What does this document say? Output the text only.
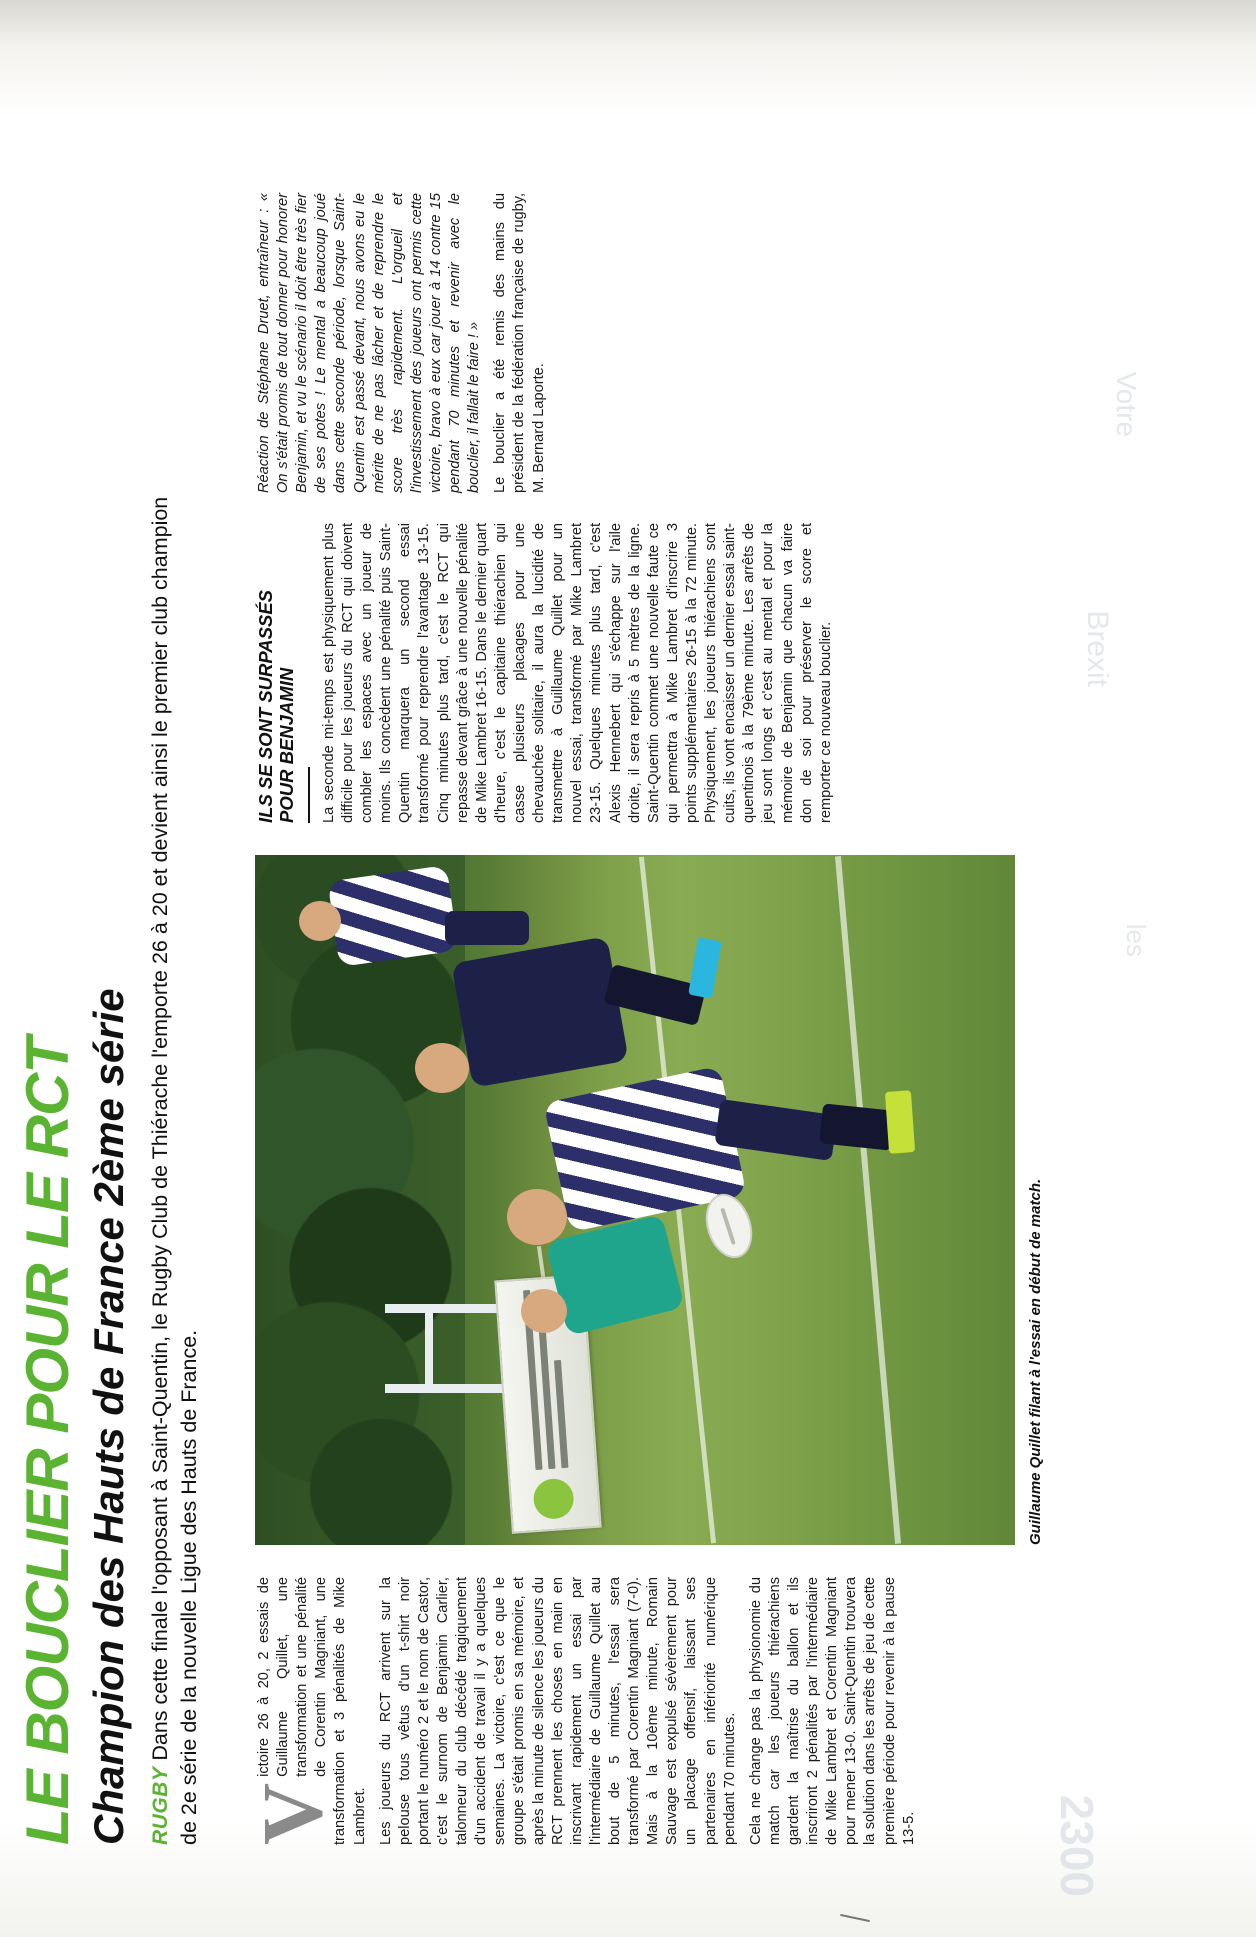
2300
Brexit
Votre
les
LE BOUCLIER POUR LE RCT Champion des Hauts de France 2ème série RUGBYDans cette finale l'opposant à Saint-Quentin, le Rugby Club de Thiérache l'emporte 26 à 20 et devient ainsi le premier club champion de 2e série de la nouvelle Ligue des Hauts de France. V
ictoire 26 à 20, 2 essais de Guillaume Quillet, une transformation et une pénalité de Corentin Magniant, une transformation et 3 pénalités de Mike Lambret. Les joueurs du RCT arrivent sur la pelouse tous vêtus d'un t-shirt noir portant le numéro 2 et le nom de Castor, c'est le surnom de Benjamin Carlier, talonneur du club décédé tragiquement d'un accident de travail il y a quelques semaines. La victoire, c'est ce que le groupe s'était promis en sa mémoire, et après la minute de silence les joueurs du RCT prennent les choses en main en inscrivant rapidement un essai par l'intermédiaire de Guillaume Quillet au bout de 5 minutes, l'essai sera transformé par Corentin Magniant (7-0). Mais à la 10ème minute, Romain Sauvage est expulsé sévèrement pour un placage offensif, laissant ses partenaires en infériorité numérique pendant 70 minutes. Cela ne change pas la physionomie du match car les joueurs thiérachiens gardent la maîtrise du ballon et ils inscriront 2 pénalités par l'intermédiaire de Mike Lambret et Corentin Magniant pour mener 13-0. Saint-Quentin trouvera la solution dans les arrêts de jeu de cette première période pour revenir à la pause 13-5.

Guillaume Quillet filant à l'essai en début de match.
ILS SE SONT SURPASSÉS
POUR BENJAMIN La seconde mi-temps est physiquement plus difficile pour les joueurs du RCT qui doivent combler les espaces avec un joueur de moins. Ils concèdent une pénalité puis Saint-Quentin marquera un second essai transformé pour reprendre l'avantage 13-15. Cinq minutes plus tard, c'est le RCT qui repasse devant grâce à une nouvelle pénalité de Mike Lambret 16-15. Dans le dernier quart d'heure, c'est le capitaine thiérachien qui casse plusieurs placages pour une chevauchée solitaire, il aura la lucidité de transmettre à Guillaume Quillet pour un nouvel essai, transformé par Mike Lambret 23-15. Quelques minutes plus tard, c'est Alexis Hennebert qui s'échappe sur l'aile droite, il sera repris à 5 mètres de la ligne. Saint-Quentin commet une nouvelle faute ce qui permettra à Mike Lambret d'inscrire 3 points supplémentaires 26-15 à la 72 minute. Physiquement, les joueurs thiérachiens sont cuits, ils vont encaisser un dernier essai saint-quentinois à la 79ème minute. Les arrêts de jeu sont longs et c'est au mental et pour la mémoire de Benjamin que chacun va faire don de soi pour préserver le score et remporter ce nouveau bouclier.

Réaction de Stéphane Druet, entraîneur : « On s'était promis de tout donner pour honorer Benjamin, et vu le scénario il doit être très fier de ses potes ! Le mental a beaucoup joué dans cette seconde période, lorsque Saint-Quentin est passé devant, nous avons eu le mérite de ne pas lâcher et de reprendre le score très rapidement. L'orgueil et l'investissement des joueurs ont permis cette victoire, bravo à eux car jouer à 14 contre 15 pendant 70 minutes et revenir avec le bouclier, il fallait le faire ! » Le bouclier a été remis des mains du président de la fédération française de rugby, M. Bernard Laporte.
